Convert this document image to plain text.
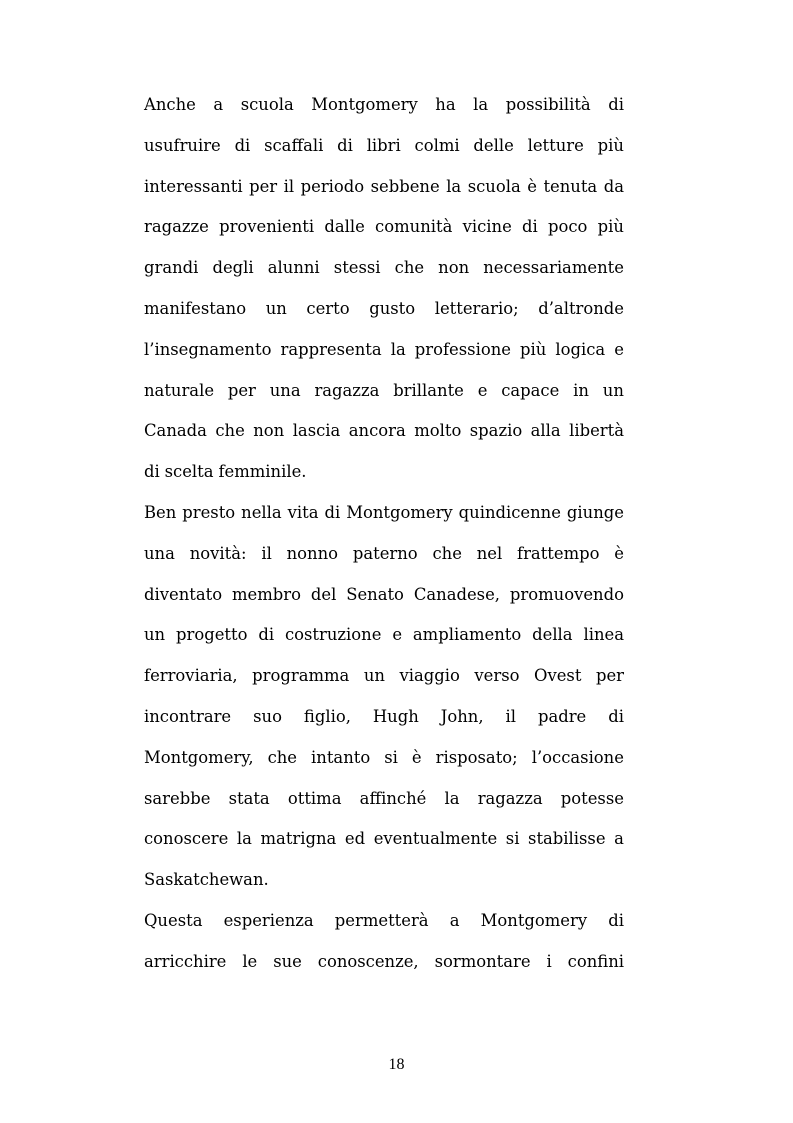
Anche a scuola Montgomery ha la possibilità di
usufruire di scaffali di libri colmi delle letture più
interessanti per il periodo sebbene la scuola è tenuta da
ragazze provenienti dalle comunità vicine di poco più
grandi degli alunni stessi che non necessariamente
manifestano un certo gusto letterario; d’altronde
l’insegnamento rappresenta la professione più logica e
naturale per una ragazza brillante e capace in un
Canada che non lascia ancora molto spazio alla libertà
di scelta femminile.
Ben presto nella vita di Montgomery quindicenne giunge
una novità: il nonno paterno che nel frattempo è
diventato membro del Senato Canadese, promuovendo
un progetto di costruzione e ampliamento della linea
ferroviaria, programma un viaggio verso Ovest per
incontrare suo figlio, Hugh John, il padre di
Montgomery, che intanto si è risposato; l’occasione
sarebbe stata ottima affinché la ragazza potesse
conoscere la matrigna ed eventualmente si stabilisse a
Saskatchewan.
Questa esperienza permetterà a Montgomery di
arricchire le sue conoscenze, sormontare i confini
18
